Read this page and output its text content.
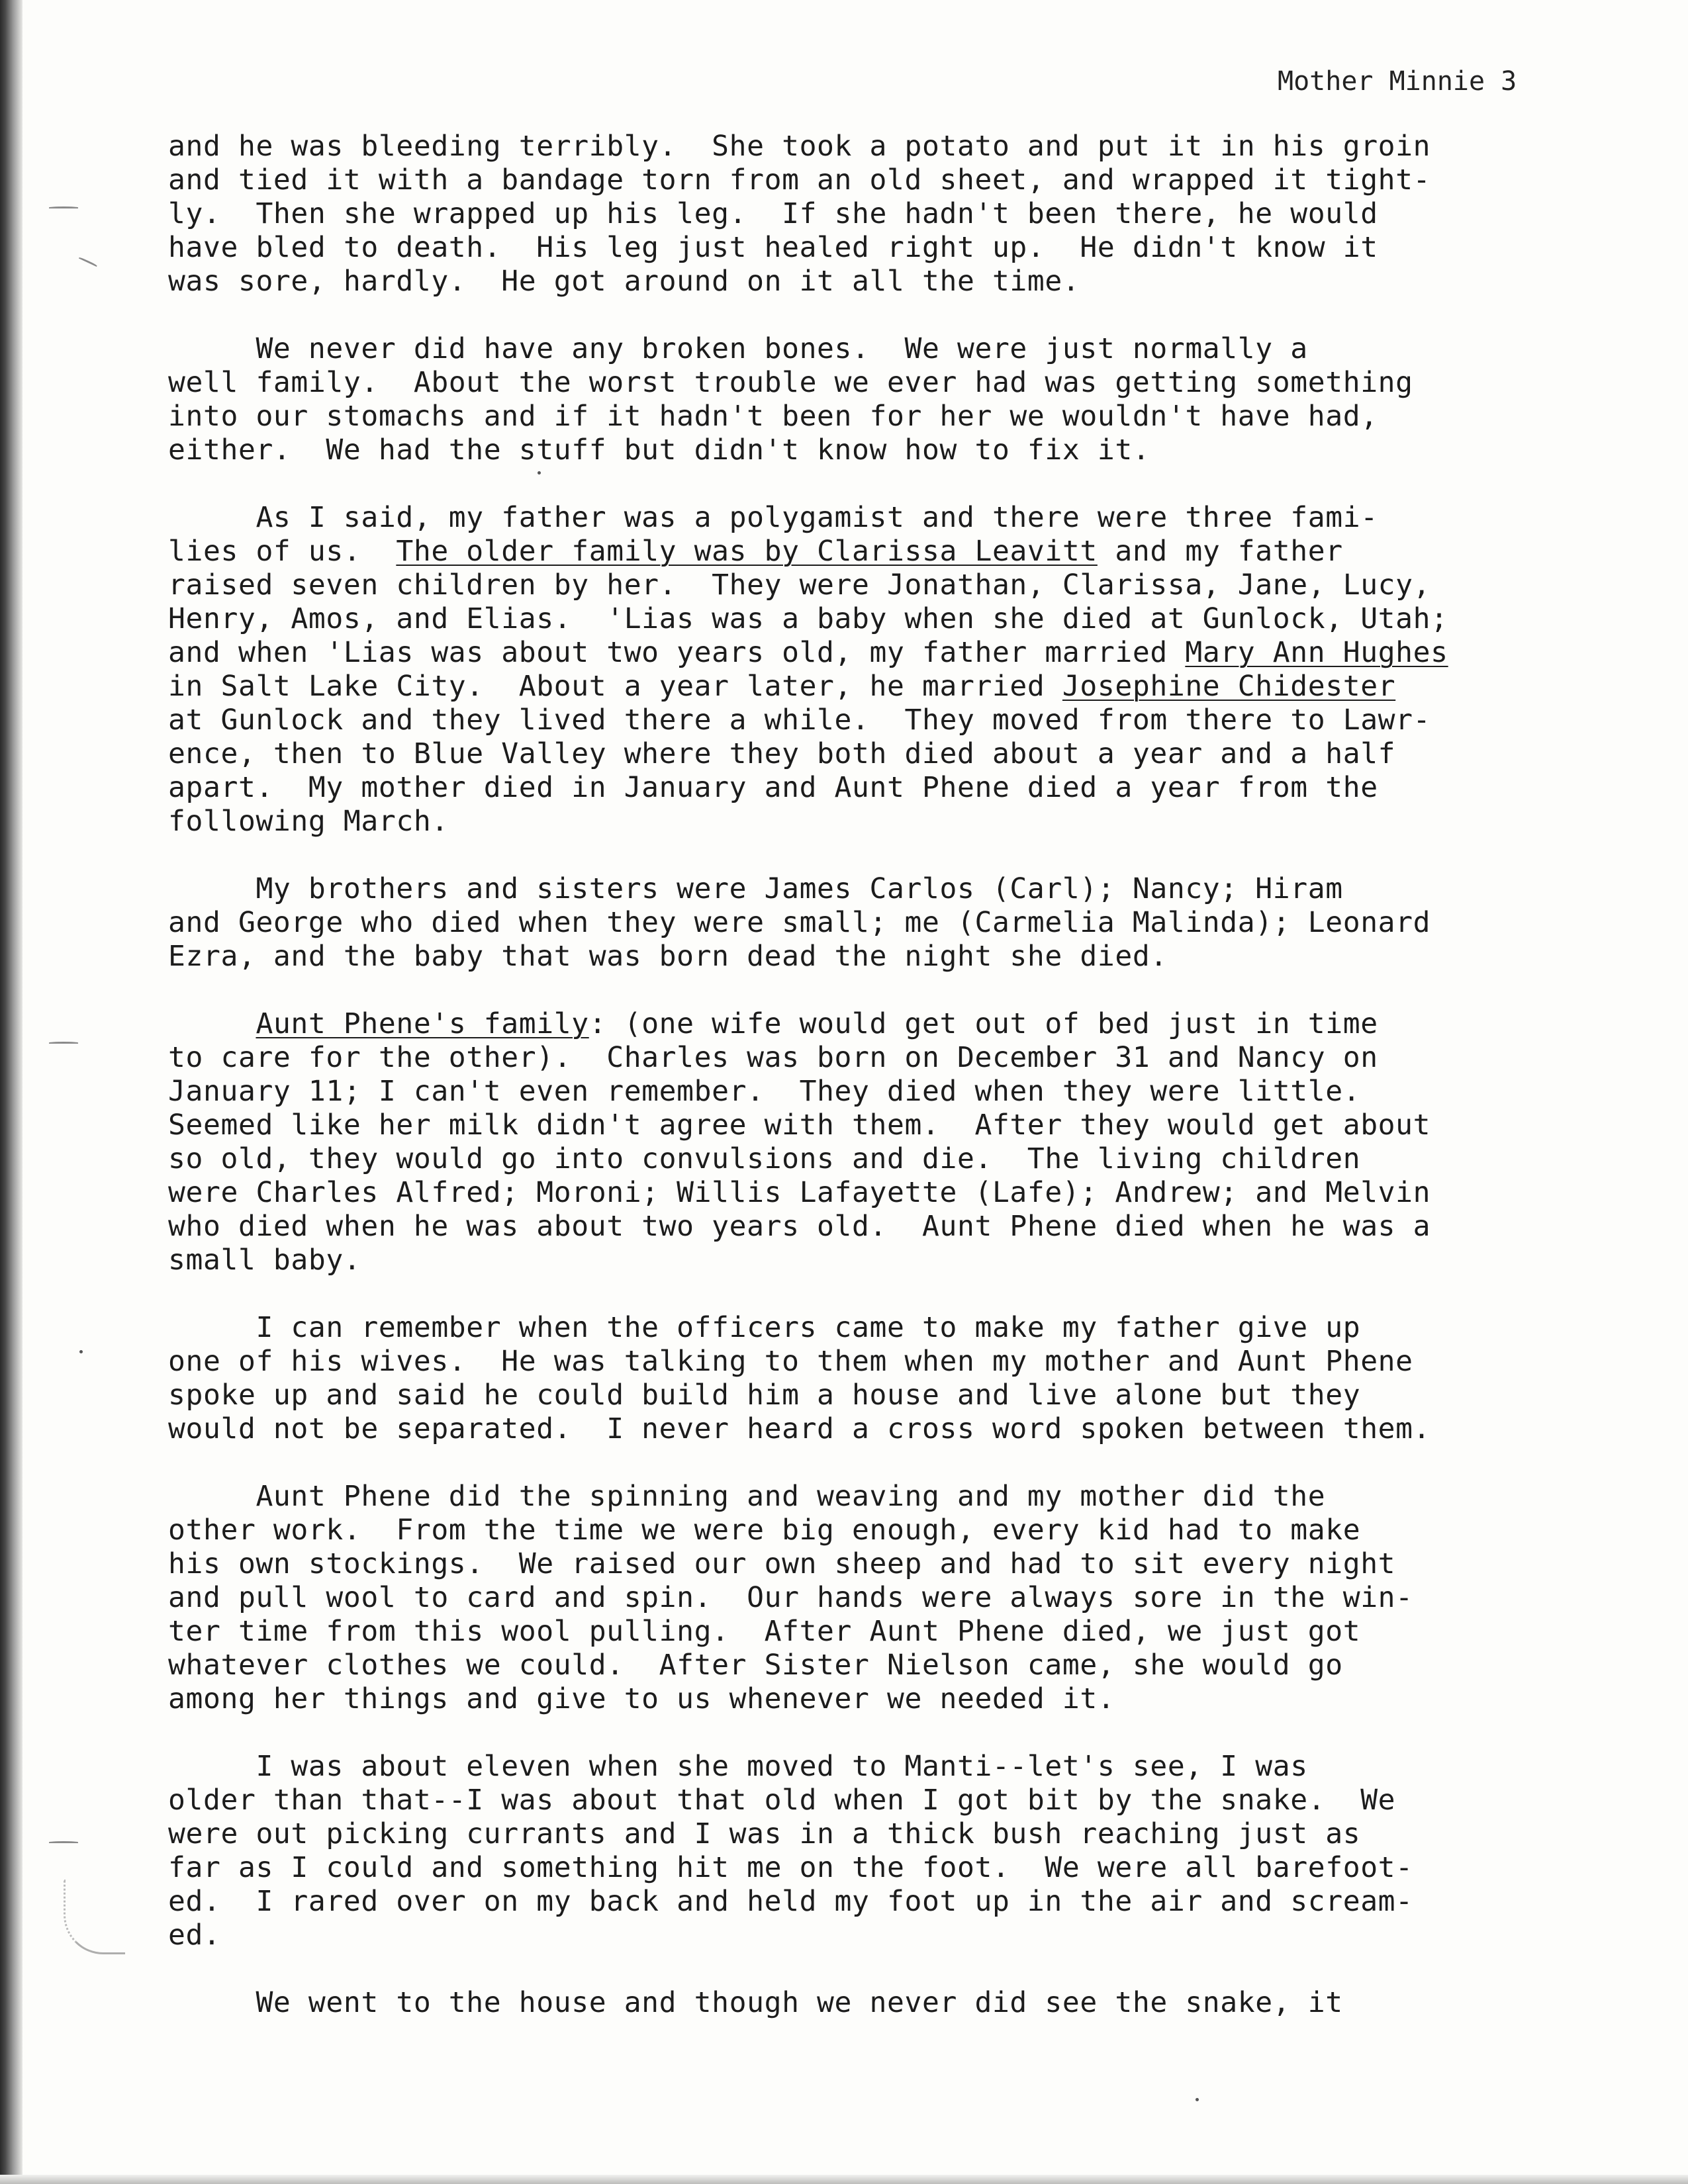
Mother Minnie 3
and he was bleeding terribly.  She took a potato and put it in his groin
and tied it with a bandage torn from an old sheet, and wrapped it tight-
ly.  Then she wrapped up his leg.  If she hadn't been there, he would
have bled to death.  His leg just healed right up.  He didn't know it
was sore, hardly.  He got around on it all the time.
We never did have any broken bones.  We were just normally a
well family.  About the worst trouble we ever had was getting something
into our stomachs and if it hadn't been for her we wouldn't have had,
either.  We had the stuff but didn't know how to fix it.
As I said, my father was a polygamist and there were three fami-
lies of us.  The older family was by Clarissa Leavitt and my father
raised seven children by her.  They were Jonathan, Clarissa, Jane, Lucy,
Henry, Amos, and Elias.  'Lias was a baby when she died at Gunlock, Utah;
and when 'Lias was about two years old, my father married Mary Ann Hughes
in Salt Lake City.  About a year later, he married Josephine Chidester
at Gunlock and they lived there a while.  They moved from there to Lawr-
ence, then to Blue Valley where they both died about a year and a half
apart.  My mother died in January and Aunt Phene died a year from the
following March.
My brothers and sisters were James Carlos (Carl); Nancy; Hiram
and George who died when they were small; me (Carmelia Malinda); Leonard
Ezra, and the baby that was born dead the night she died.
Aunt Phene's family: (one wife would get out of bed just in time
to care for the other).  Charles was born on December 31 and Nancy on
January 11; I can't even remember.  They died when they were little.
Seemed like her milk didn't agree with them.  After they would get about
so old, they would go into convulsions and die.  The living children
were Charles Alfred; Moroni; Willis Lafayette (Lafe); Andrew; and Melvin
who died when he was about two years old.  Aunt Phene died when he was a
small baby.
I can remember when the officers came to make my father give up
one of his wives.  He was talking to them when my mother and Aunt Phene
spoke up and said he could build him a house and live alone but they
would not be separated.  I never heard a cross word spoken between them.
Aunt Phene did the spinning and weaving and my mother did the
other work.  From the time we were big enough, every kid had to make
his own stockings.  We raised our own sheep and had to sit every night
and pull wool to card and spin.  Our hands were always sore in the win-
ter time from this wool pulling.  After Aunt Phene died, we just got
whatever clothes we could.  After Sister Nielson came, she would go
among her things and give to us whenever we needed it.
I was about eleven when she moved to Manti--let's see, I was
older than that--I was about that old when I got bit by the snake.  We
were out picking currants and I was in a thick bush reaching just as
far as I could and something hit me on the foot.  We were all barefoot-
ed.  I rared over on my back and held my foot up in the air and scream-
ed.
We went to the house and though we never did see the snake, it
